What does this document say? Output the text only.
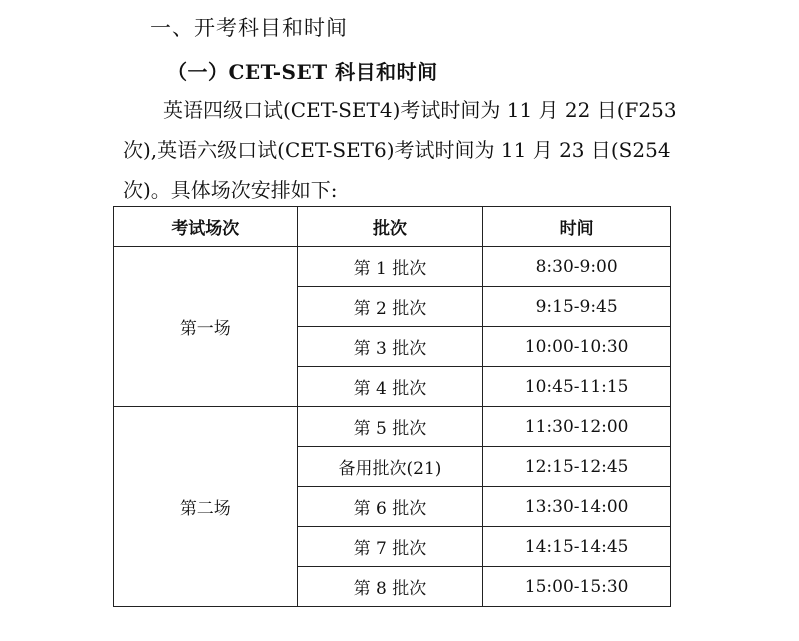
一、开考科目和时间
（一）CET-SET 科目和时间
英语四级口试(CET-SET4)考试时间为 11 月 22 日(F253
次),英语六级口试(CET-SET6)考试时间为 11 月 23 日(S254
次)。具体场次安排如下:
考试场次	批次	时间
第一场	第 1 批次	8:30-9:00
	第 2 批次	9:15-9:45
	第 3 批次	10:00-10:30
	第 4 批次	10:45-11:15
第二场	第 5 批次	11:30-12:00
	备用批次(21)	12:15-12:45
	第 6 批次	13:30-14:00
	第 7 批次	14:15-14:45
	第 8 批次	15:00-15:30
